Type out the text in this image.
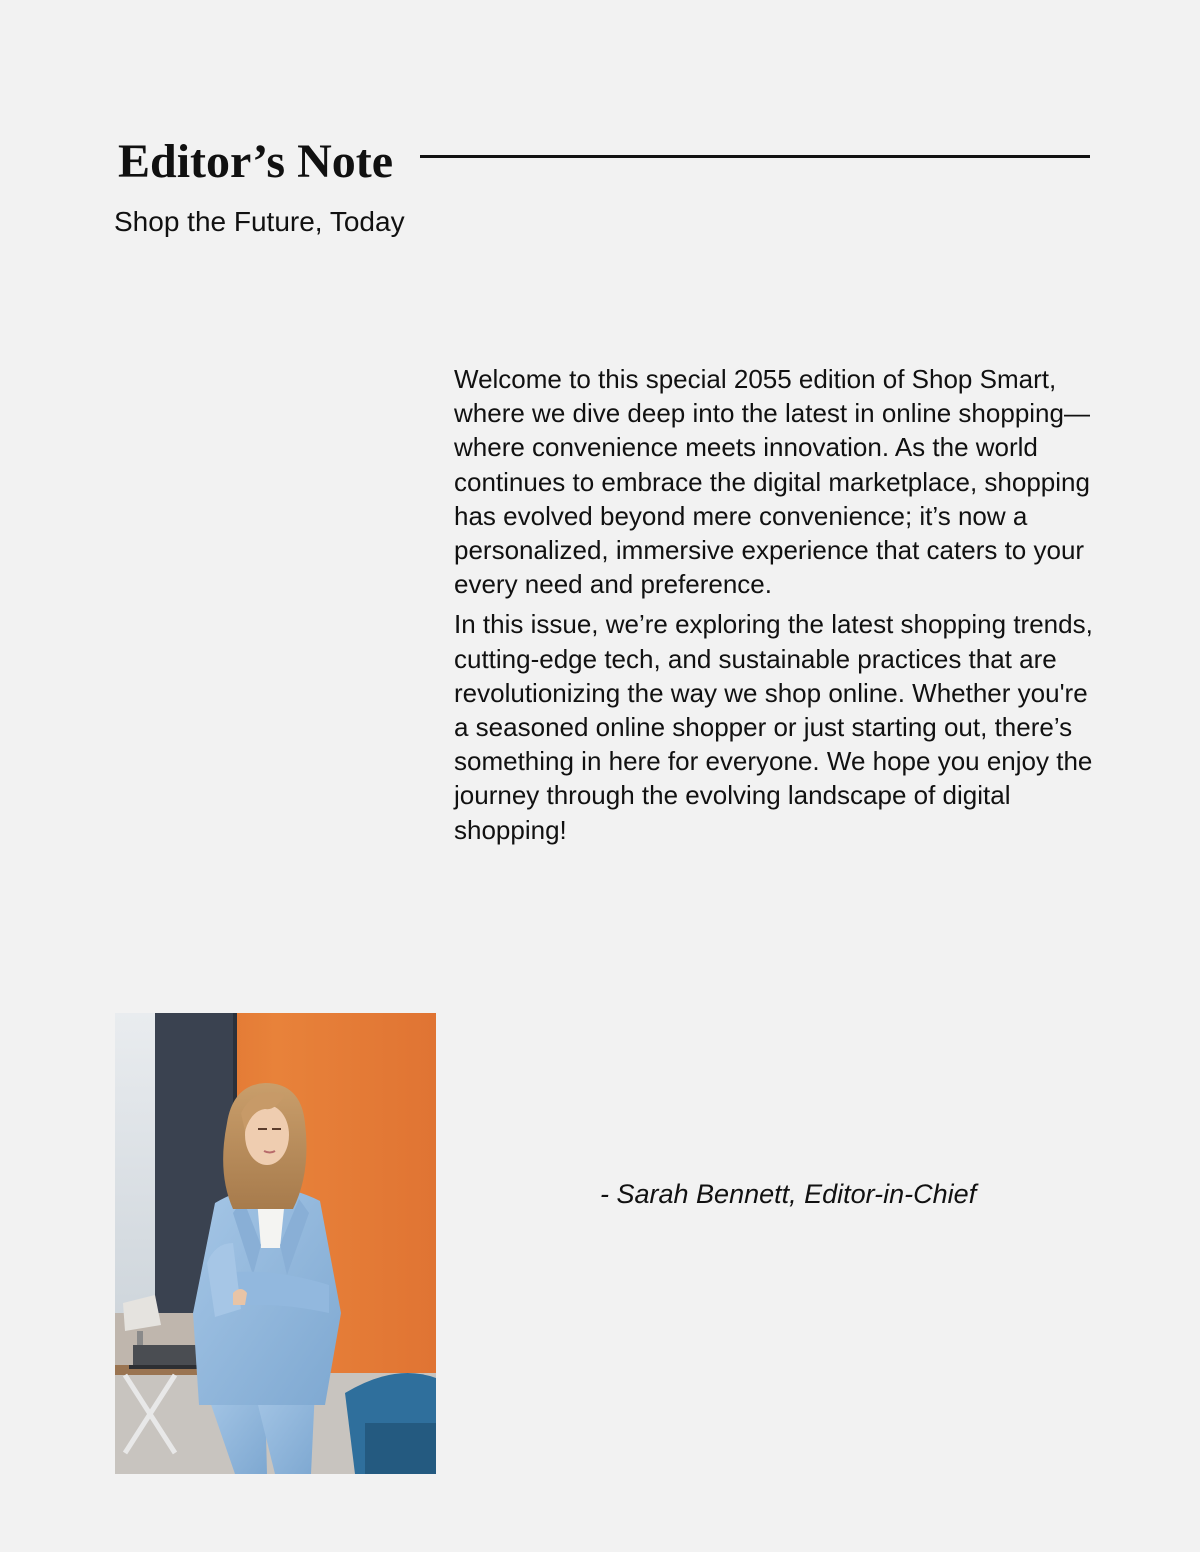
Editor’s Note

Shop the Future, Today

Welcome to this special 2055 edition of Shop Smart, where we dive deep into the latest in online shopping—where convenience meets innovation. As the world continues to embrace the digital marketplace, shopping has evolved beyond mere convenience; it’s now a personalized, immersive experience that caters to your every need and preference.

In this issue, we’re exploring the latest shopping trends, cutting-edge tech, and sustainable practices that are revolutionizing the way we shop online. Whether you're a seasoned online shopper or just starting out, there’s something in here for everyone. We hope you enjoy the journey through the evolving landscape of digital shopping!

- Sarah Bennett, Editor-in-Chief
